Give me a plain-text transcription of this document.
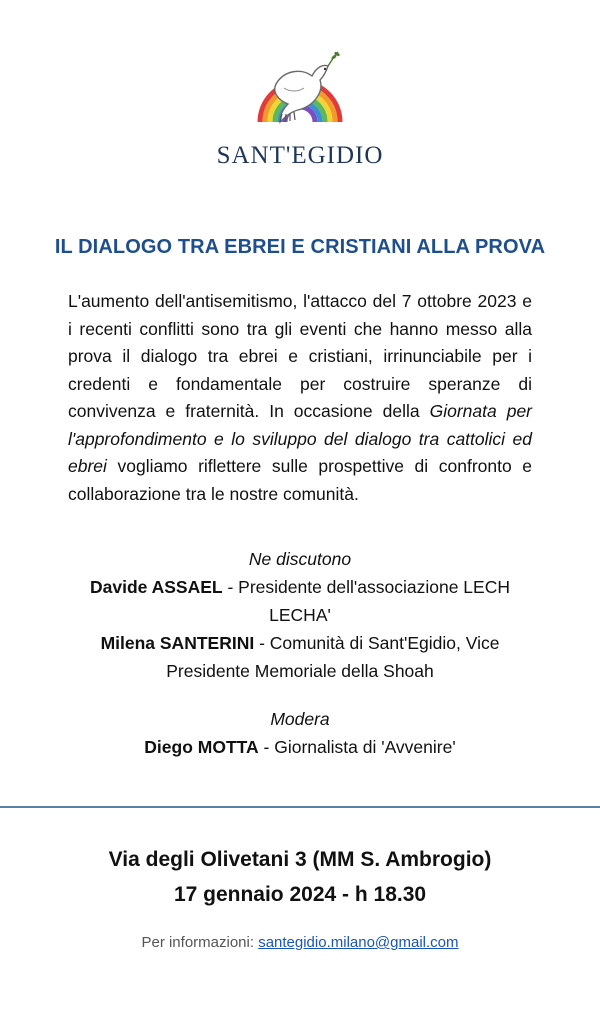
SANT'EGIDIO
IL DIALOGO TRA EBREI E CRISTIANI ALLA PROVA
L'aumento dell'antisemitismo, l'attacco del 7 ottobre 2023 e i recenti conflitti sono tra gli eventi che hanno messo alla prova il dialogo tra ebrei e cristiani, irrinunciabile per i credenti e fondamentale per costruire speranze di convivenza e fraternità. In occasione della Giornata per l'approfondimento e lo sviluppo del dialogo tra cattolici ed ebrei vogliamo riflettere sulle prospettive di confronto e collaborazione tra le nostre comunità.
Ne discutono
Davide ASSAEL - Presidente dell'associazione LECH LECHA'
Milena SANTERINI - Comunità di Sant'Egidio, Vice Presidente Memoriale della Shoah
Modera
Diego MOTTA - Giornalista di 'Avvenire'
Via degli Olivetani 3 (MM S. Ambrogio)
17 gennaio 2024 - h 18.30
Per informazioni: santegidio.milano@gmail.com
